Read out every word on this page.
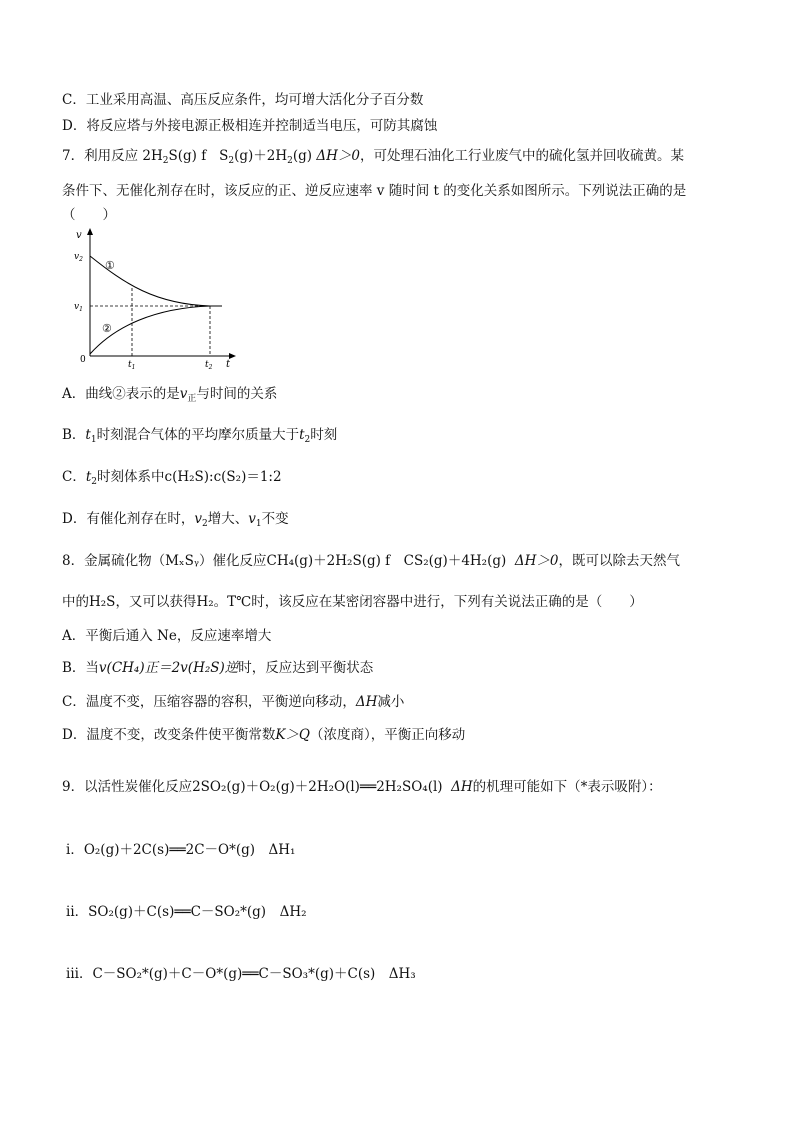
C．工业采用高温、高压反应条件，均可增大活化分子百分数
D．将反应塔与外接电源正极相连并控制适当电压，可防其腐蚀
7．利用反应 $2H_2S(g)$ f $S_2(g)+2H_2(g)$ ΔH＞0，可处理石油化工行业废气中的硫化氢并回收硫黄。某
条件下、无催化剂存在时，该反应的正、逆反应速率 v 随时间 t 的变化关系如图所示。下列说法正确的是
（　　）
v
t
$v_2$
$v_1$
0	$t_1$	$t_2$
①
②
A．曲线②表示的是$v_正$与时间的关系
B．$t_1$时刻混合气体的平均摩尔质量大于$t_2$时刻
C．$t_2$时刻体系中c(H₂S):c(S₂)＝1:2
D．有催化剂存在时，$v_2$增大、$v_1$不变
8．金属硫化物（MₓSᵧ）催化反应CH₄(g)＋2H₂S(g) f　CS₂(g)＋4H₂(g) ΔH＞0，既可以除去天然气
中的H₂S，又可以获得H₂。T℃时，该反应在某密闭容器中进行，下列有关说法正确的是（　　）
A．平衡后通入 Ne，反应速率增大
B．当v(CH₄)正＝2v(H₂S)逆时，反应达到平衡状态
C．温度不变，压缩容器的容积，平衡逆向移动，ΔH减小
D．温度不变，改变条件使平衡常数K＞Q（浓度商），平衡正向移动
9．以活性炭催化反应2SO₂(g)＋O₂(g)＋2H₂O(l)══2H₂SO₄(l) ΔH的机理可能如下（*表示吸附）：
ⅰ．O₂(g)＋2C(s)══2C－O*(g)　ΔH₁
ⅱ．SO₂(g)＋C(s)══C－SO₂*(g)　ΔH₂
ⅲ．C－SO₂*(g)＋C－O*(g)══C－SO₃*(g)＋C(s)　ΔH₃
